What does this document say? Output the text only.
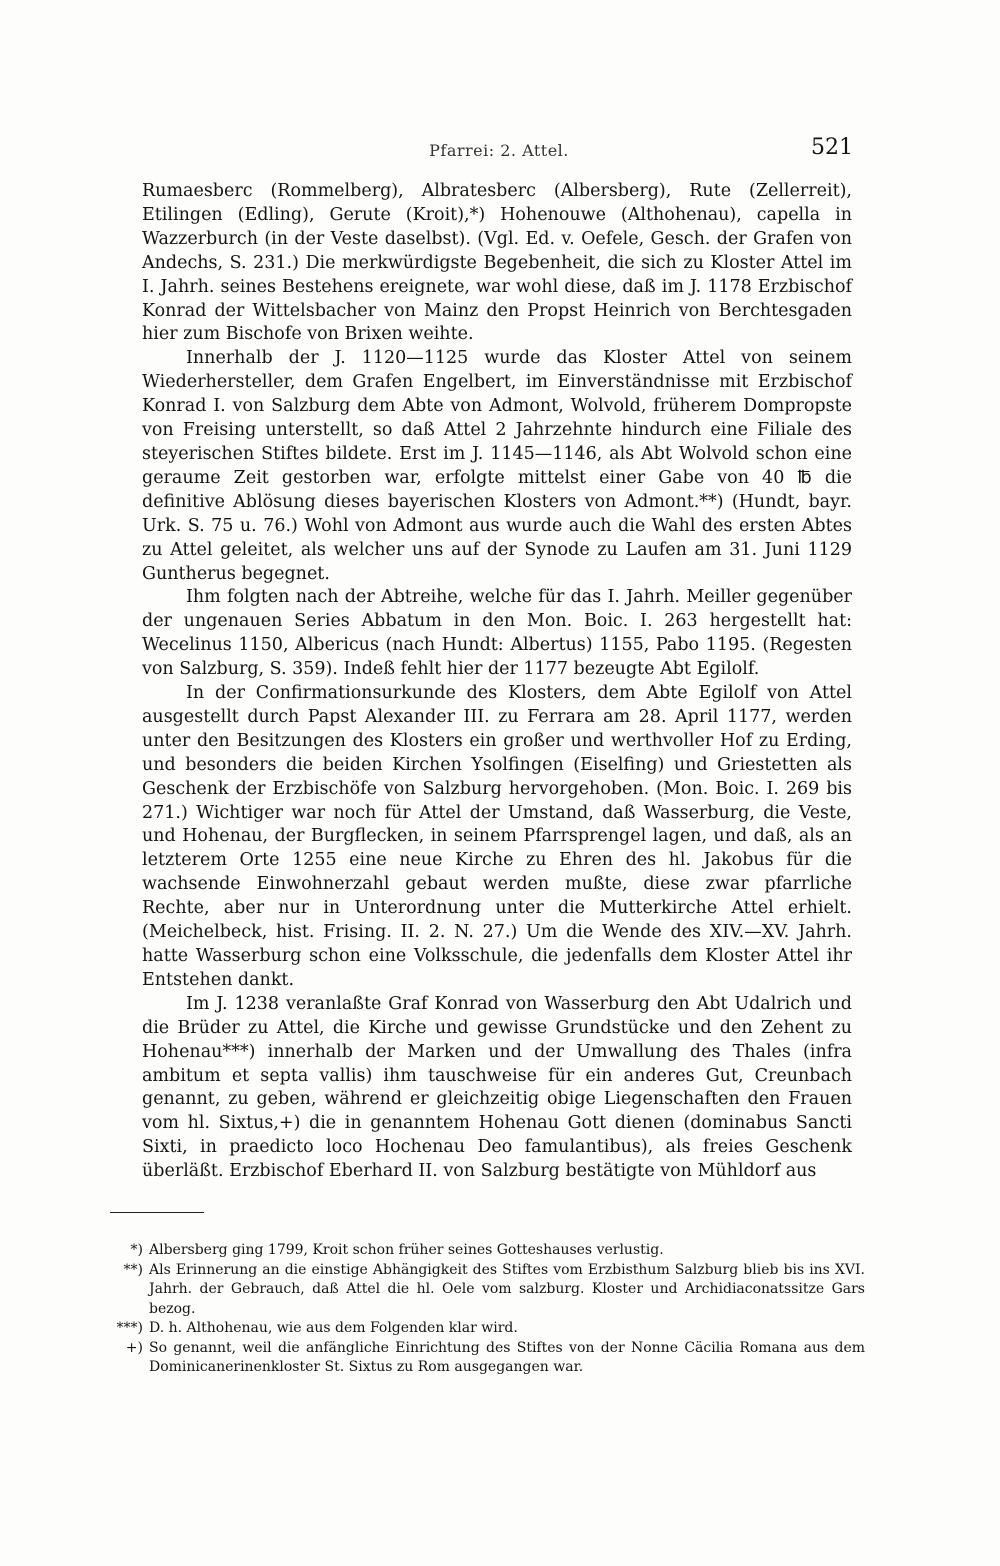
Pfarrei: 2. Attel.	521

Rumaesberc (Rommelberg), Albratesberc (Albersberg), Rute (Zellerreit), Etilingen (Edling), Gerute (Kroit),*) Hohenouwe (Althohenau), capella in Wazzerburch (in der Veste daselbst). (Vgl. Ed. v. Oefele, Gesch. der Grafen von Andechs, S. 231.) Die merkwürdigste Begebenheit, die sich zu Kloster Attel im I. Jahrh. seines Bestehens ereignete, war wohl diese, daß im J. 1178 Erzbischof Konrad der Wittelsbacher von Mainz den Propst Heinrich von Berchtesgaden hier zum Bischofe von Brixen weihte.

Innerhalb der J. 1120—1125 wurde das Kloster Attel von seinem Wiederhersteller, dem Grafen Engelbert, im Einverständnisse mit Erzbischof Konrad I. von Salzburg dem Abte von Admont, Wolvold, früherem Dompropste von Freising unterstellt, so daß Attel 2 Jahrzehnte hindurch eine Filiale des steyerischen Stiftes bildete. Erst im J. 1145—1146, als Abt Wolvold schon eine geraume Zeit gestorben war, erfolgte mittelst einer Gabe von 40 ℔ die definitive Ablösung dieses bayerischen Klosters von Admont.**) (Hundt, bayr. Urk. S. 75 u. 76.) Wohl von Admont aus wurde auch die Wahl des ersten Abtes zu Attel geleitet, als welcher uns auf der Synode zu Laufen am 31. Juni 1129 Guntherus begegnet.

Ihm folgten nach der Abtreihe, welche für das I. Jahrh. Meiller gegenüber der ungenauen Series Abbatum in den Mon. Boic. I. 263 hergestellt hat: Wecelinus 1150, Albericus (nach Hundt: Albertus) 1155, Pabo 1195. (Regesten von Salzburg, S. 359). Indeß fehlt hier der 1177 bezeugte Abt Egilolf.

In der Confirmationsurkunde des Klosters, dem Abte Egilolf von Attel ausgestellt durch Papst Alexander III. zu Ferrara am 28. April 1177, werden unter den Besitzungen des Klosters ein großer und werthvoller Hof zu Erding, und besonders die beiden Kirchen Ysolfingen (Eiselfing) und Griestetten als Geschenk der Erzbischöfe von Salzburg hervorgehoben. (Mon. Boic. I. 269 bis 271.) Wichtiger war noch für Attel der Umstand, daß Wasserburg, die Veste, und Hohenau, der Burgflecken, in seinem Pfarrsprengel lagen, und daß, als an letzterem Orte 1255 eine neue Kirche zu Ehren des hl. Jakobus für die wachsende Einwohnerzahl gebaut werden mußte, diese zwar pfarrliche Rechte, aber nur in Unterordnung unter die Mutterkirche Attel erhielt. (Meichelbeck, hist. Frising. II. 2. N. 27.) Um die Wende des XIV.—XV. Jahrh. hatte Wasserburg schon eine Volksschule, die jedenfalls dem Kloster Attel ihr Entstehen dankt.

Im J. 1238 veranlaßte Graf Konrad von Wasserburg den Abt Udalrich und die Brüder zu Attel, die Kirche und gewisse Grundstücke und den Zehent zu Hohenau***) innerhalb der Marken und der Umwallung des Thales (infra ambitum et septa vallis) ihm tauschweise für ein anderes Gut, Creunbach genannt, zu geben, während er gleichzeitig obige Liegenschaften den Frauen vom hl. Sixtus,+) die in genanntem Hohenau Gott dienen (dominabus Sancti Sixti, in praedicto loco Hochenau Deo famulantibus), als freies Geschenk überläßt. Erzbischof Eberhard II. von Salzburg bestätigte von Mühldorf aus

*) Albersberg ging 1799, Kroit schon früher seines Gotteshauses verlustig.
**) Als Erinnerung an die einstige Abhängigkeit des Stiftes vom Erzbisthum Salzburg blieb bis ins XVI. Jahrh. der Gebrauch, daß Attel die hl. Oele vom salzburg. Kloster und Archidiaconatssitze Gars bezog.
***) D. h. Althohenau, wie aus dem Folgenden klar wird.
+) So genannt, weil die anfängliche Einrichtung des Stiftes von der Nonne Cäcilia Romana aus dem Dominicanerinenkloster St. Sixtus zu Rom ausgegangen war.
